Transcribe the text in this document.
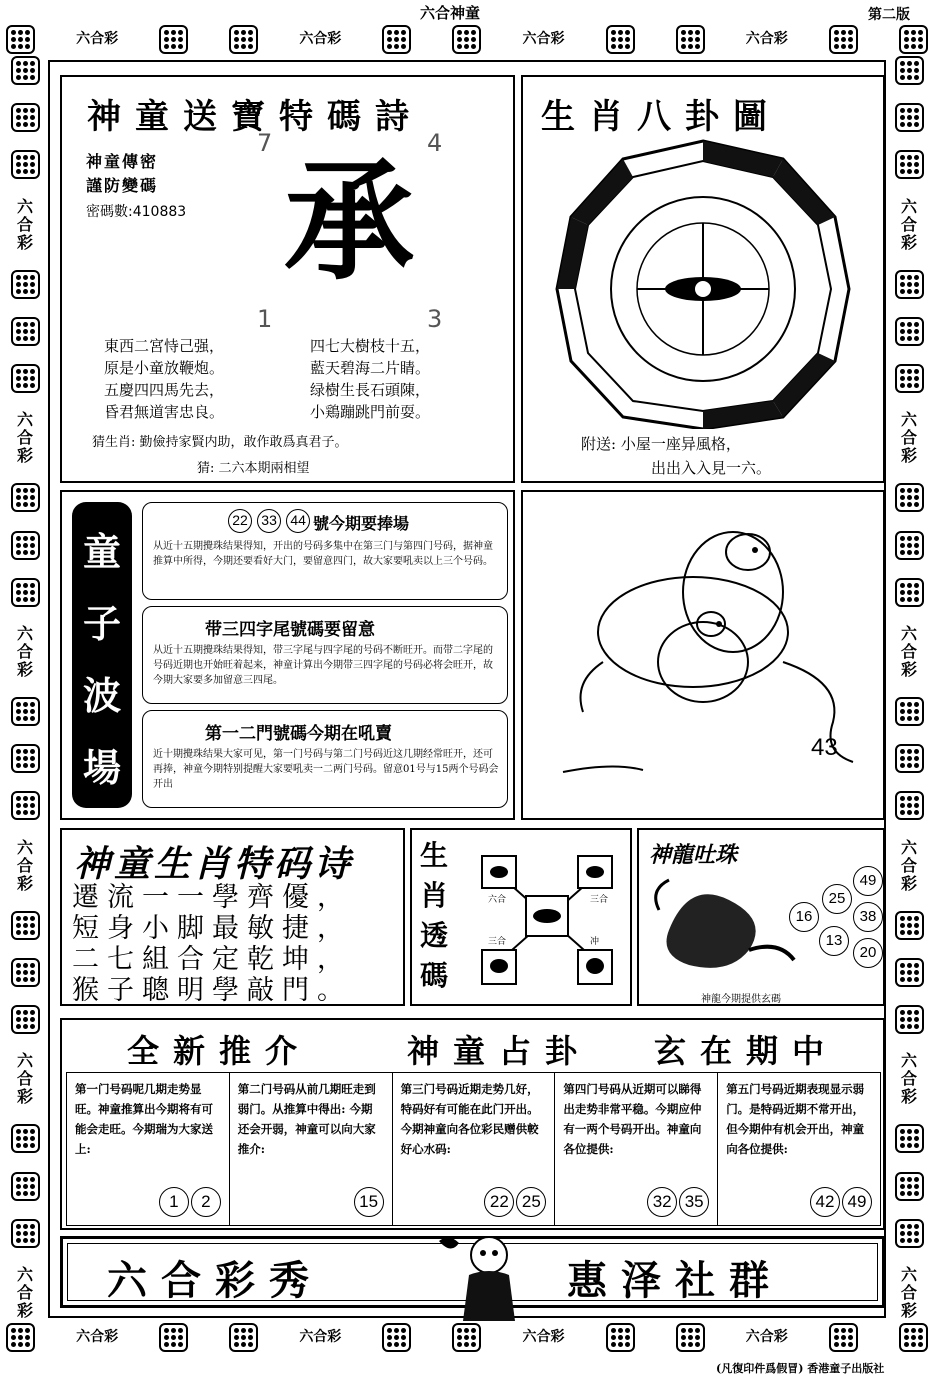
六合神童	第二版
六合彩	六合彩	六合彩	六合彩
六合彩	六合彩	六合彩	六合彩
六
合
彩
六
合
彩
六
合
彩
六
合
彩
六
合
彩
六
合
彩
六
合
彩
六
合
彩
六
合
彩
六
合
彩
六
合
彩
六
合
彩
神童送寶特碼詩
神童傳密
謹防變碼
密碼數:410883
7	4
1	3
承
東西二宮恃己强，
原是小童放鞭炮。
五慶四四馬先去，
昏君無道害忠良。
四七大樹枝十五，
藍天碧海二片睛。
绿樹生長石頭陳，
小鶏蹦跳門前耍。
猜生肖: 勤儉持家賢内助，敢作敢爲真君子。
猜: 二六本期兩相望
生肖八卦圖
附送: 小屋一座异風格，
出出入入見一六。
童
子
波
場
22 33 44 號今期要捧場
从近十五期攪珠结果得知，开出的号码多集中在第三门与第四门号码，据神童推算中所得，今期还要看好大门，要留意四门，故大家要吼卖以上三个号码。
带三四字尾號碼要留意
从近十五期攪珠结果得知，带三字尾与四字尾的号码不断旺开。而带二字尾的号码近期也开始旺着起来，神童计算出今期带三四字尾的号码必将会旺开，故今期大家要多加留意三四尾。
第一二門號碼今期在吼賣
近十期攪珠结果大家可见，第一门号码与第二门号码近这几期经常旺开，还可再捧，神童今期特别提醒大家要吼卖一二两门号码。留意01号与15两个号码会开出
43
神童生肖特码诗
遷流一一學齊優，
短身小脚最敏捷，
二七組合定乾坤，
猴子聰明學敲門。
生
肖
透
碼
六合	三合
三合	冲
神龍吐珠
49
25
16	38
13
20
神龍今期提供玄碼
全新推介	神童占卦 玄在期中
第一门号码呢几期走势显旺。神童推算出今期将有可能会走旺。今期瑞为大家送上:
1	2
第二门号码从前几期旺走到弱门。从推算中得出: 今期还会开弱，神童可以向大家推介:
15
第三门号码近期走势几好，特码好有可能在此门开出。今期神童向各位彩民赠供較好心水码:
22 25
第四门号码从近期可以睇得出走势非常平稳。今期应仲有一两个号码开出。神童向各位提供:
32 35
第五门号码近期表现显示弱门。是特码近期不常开出，但今期仲有机会开出，神童向各位提供:
42 49
六合彩秀	惠泽社群
(凡復印件爲假冒) 香港童子出版社
